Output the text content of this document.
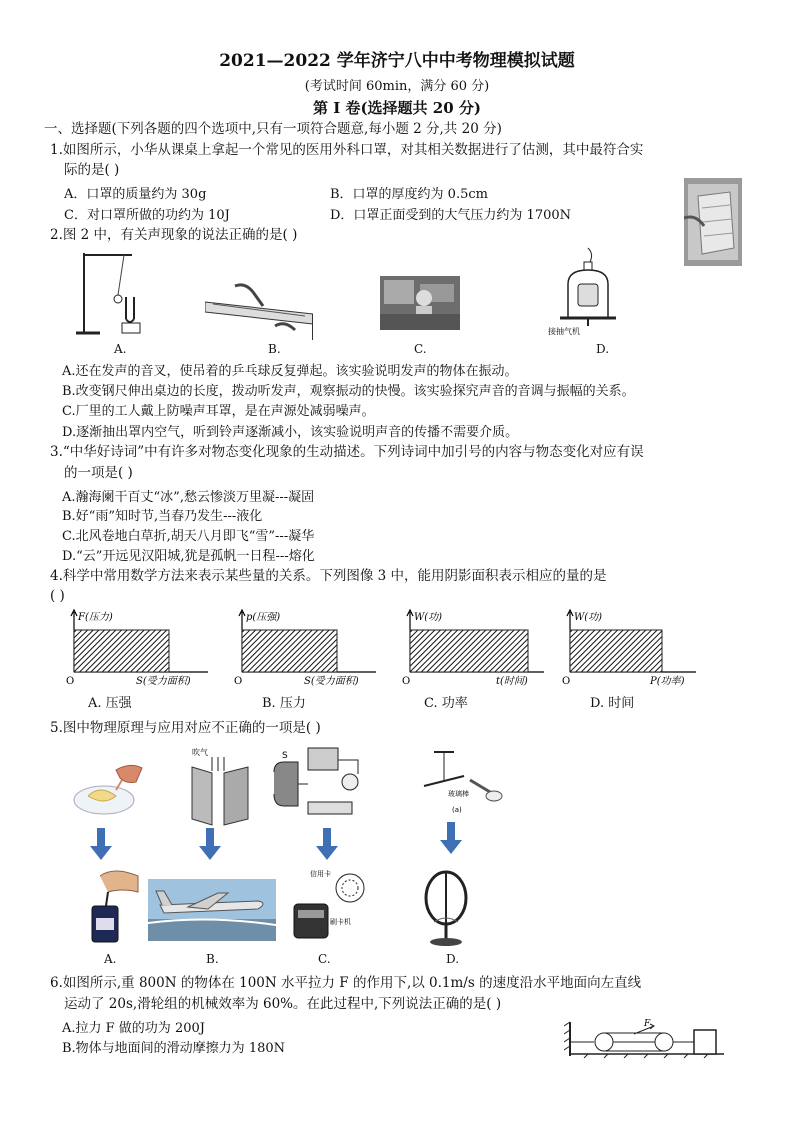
2021—2022 学年济宁八中中考物理模拟试题
(考试时间 60min，满分 60 分)
第 I 卷(选择题共 20 分)
一、选择题(下列各题的四个选项中,只有一项符合题意,每小题 2 分,共 20 分)
1.如图所示，小华从课桌上拿起一个常见的医用外科口罩，对其相关数据进行了估测，其中最符合实
际的是( )
A．口罩的质量约为 30g	B．口罩的厚度约为 0.5cm
C．对口罩所做的功约为 10J	D．口罩正面受到的大气压力约为 1700N
2.图 2 中，有关声现象的说法正确的是( )
A.	B.	C.
接抽气机
D.
A.还在发声的音叉，使吊着的乒乓球反复弹起。该实验说明发声的物体在振动。
B.改变钢尺伸出桌边的长度，拨动听发声，观察振动的快慢。该实验探究声音的音调与振幅的关系。
C.厂里的工人戴上防噪声耳罩，是在声源处减弱噪声。
D.逐渐抽出罩内空气，听到铃声逐渐减小，该实验说明声音的传播不需要介质。
3.“中华好诗词”中有许多对物态变化现象的生动描述。下列诗词中加引号的内容与物态变化对应有误
的一项是( )
A.瀚海阑干百丈“冰”,愁云惨淡万里凝---凝固
B.好“雨”知时节,当春乃发生---液化
C.北风卷地白草折,胡天八月即飞“雪”---凝华
D.“云”开远见汉阳城,犹是孤帆一日程---熔化
4.科学中常用数学方法来表示某些量的关系。下列图像 3 中，能用阴影面积表示相应的量的是
( )
F(压力)
S(受力面积)
O
p(压强)
S(受力面积)
O
W(功)
t(时间)
O
W(功)
P(功率)
O
A. 压强	B. 压力	C. 功率	D. 时间
5.图中物理原理与应用对应不正确的一项是( )
吹气	S
玻璃棒
(a)
信用卡
刷卡机
A.	B.	C.	D.
6.如图所示,重 800N 的物体在 100N 水平拉力 F 的作用下,以 0.1m/s 的速度沿水平地面向左直线
运动了 20s,滑轮组的机械效率为 60%。在此过程中,下列说法正确的是( )
A.拉力 F 做的功为 200J
B.物体与地面间的滑动摩擦力为 180N
F
